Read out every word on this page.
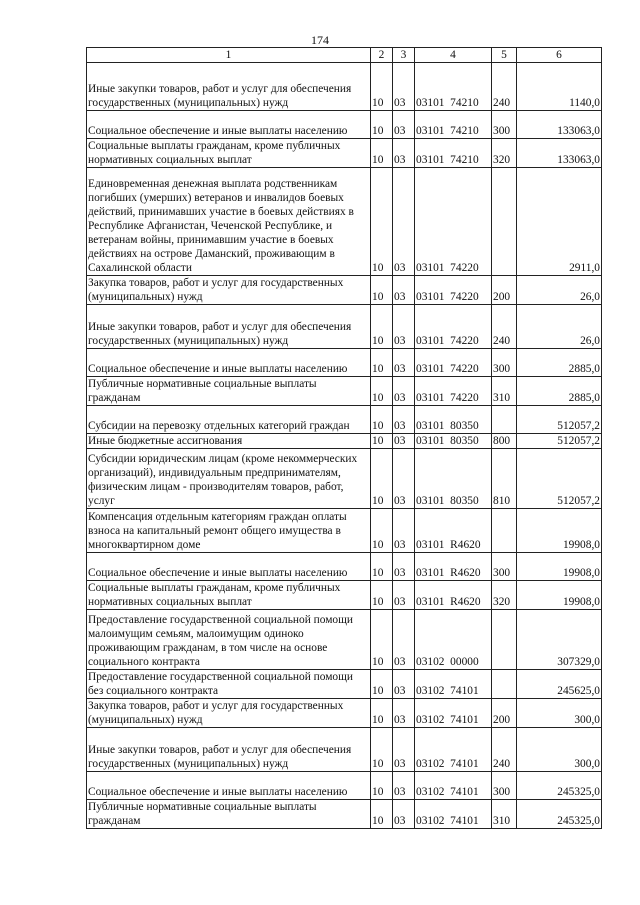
174
1	2	3	4	5	6
Иные закупки товаров, работ и услуг для обеспечения государственных (муниципальных) нужд	10	03	03101  74210	240	1140,0
Социальное обеспечение и иные выплаты населению	10	03	03101  74210	300	133063,0
Социальные выплаты гражданам, кроме публичных нормативных социальных выплат	10	03	03101  74210	320	133063,0
Единовременная денежная выплата родственникам погибших (умерших) ветеранов и инвалидов боевых действий, принимавших участие в боевых действиях в Республике Афганистан, Чеченской Республике, и ветеранам войны, принимавшим участие в боевых действиях на острове Даманский, проживающим в Сахалинской области	10	03	03101  74220		2911,0
Закупка товаров, работ и услуг для государственных (муниципальных) нужд	10	03	03101  74220	200	26,0
Иные закупки товаров, работ и услуг для обеспечения государственных (муниципальных) нужд	10	03	03101  74220	240	26,0
Социальное обеспечение и иные выплаты населению	10	03	03101  74220	300	2885,0
Публичные нормативные социальные выплаты гражданам	10	03	03101  74220	310	2885,0
Субсидии на перевозку отдельных категорий граждан	10	03	03101  80350		512057,2
Иные бюджетные ассигнования	10	03	03101  80350	800	512057,2
Субсидии юридическим лицам (кроме некоммерческих организаций), индивидуальным предпринимателям, физическим лицам - производителям товаров, работ, услуг	10	03	03101  80350	810	512057,2
Компенсация отдельным категориям граждан оплаты взноса на капитальный ремонт общего имущества в многоквартирном доме	10	03	03101  R4620		19908,0
Социальное обеспечение и иные выплаты населению	10	03	03101  R4620	300	19908,0
Социальные выплаты гражданам, кроме публичных нормативных социальных выплат	10	03	03101  R4620	320	19908,0
Предоставление государственной социальной помощи малоимущим семьям, малоимущим одиноко проживающим гражданам, в том числе на основе социального контракта	10	03	03102  00000		307329,0
Предоставление государственной социальной помощи без социального контракта	10	03	03102  74101		245625,0
Закупка товаров, работ и услуг для государственных (муниципальных) нужд	10	03	03102  74101	200	300,0
Иные закупки товаров, работ и услуг для обеспечения государственных (муниципальных) нужд	10	03	03102  74101	240	300,0
Социальное обеспечение и иные выплаты населению	10	03	03102  74101	300	245325,0
Публичные нормативные социальные выплаты гражданам	10	03	03102  74101	310	245325,0
